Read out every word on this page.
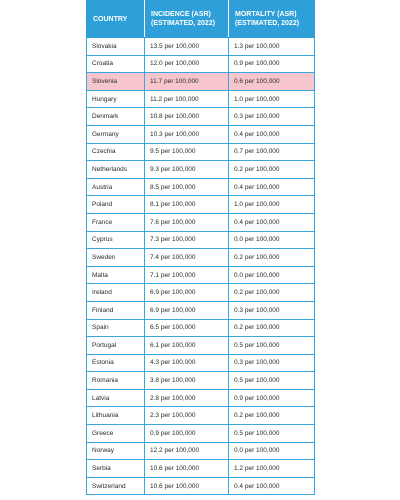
COUNTRY	INCIDENCE (ASR) (ESTIMATED, 2022)	MORTALITY (ASR) (ESTIMATED, 2022)
Slovakia	13.5 per 100,000	1.3 per 100,000
Croatia	12.0 per 100,000	0.9 per 100,000
Slovenia	11.7 per 100,000	0.6 per 100,000
Hungary	11.2 per 100,000	1.0 per 100,000
Denmark	10.8 per 100,000	0.3 per 100,000
Germany	10.3 per 100,000	0.4 per 100,000
Czechia	9.5 per 100,000	0.7 per 100,000
Netherlands	9.3 per 100,000	0.2 per 100,000
Austria	8.5 per 100,000	0.4 per 100,000
Poland	8.1 per 100,000	1.0 per 100,000
France	7.6 per 100,000	0.4 per 100,000
Cyprus	7.3 per 100,000	0.0 per 100,000
Sweden	7.4 per 100,000	0.2 per 100,000
Malta	7.1 per 100,000	0.0 per 100,000
Ireland	6.9 per 100,000	0.2 per 100,000
Finland	6.9 per 100,000	0.3 per 100,000
Spain	6.5 per 100,000	0.2 per 100,000
Portugal	6.1 per 100,000	0.5 per 100,000
Estonia	4.3 per 100,000	0.3 per 100,000
Romania	3.8 per 100,000	0.5 per 100,000
Latvia	2.8 per 100,000	0.9 per 100,000
Lithuania	2.3 per 100,000	0.2 per 100,000
Greece	0.9 per 100,000	0.5 per 100,000
Norway	12.2 per 100,000	0.0 per 100,000
Serbia	10.6 per 100,000	1.2 per 100,000
Switzerland	10.6 per 100,000	0.4 per 100,000
